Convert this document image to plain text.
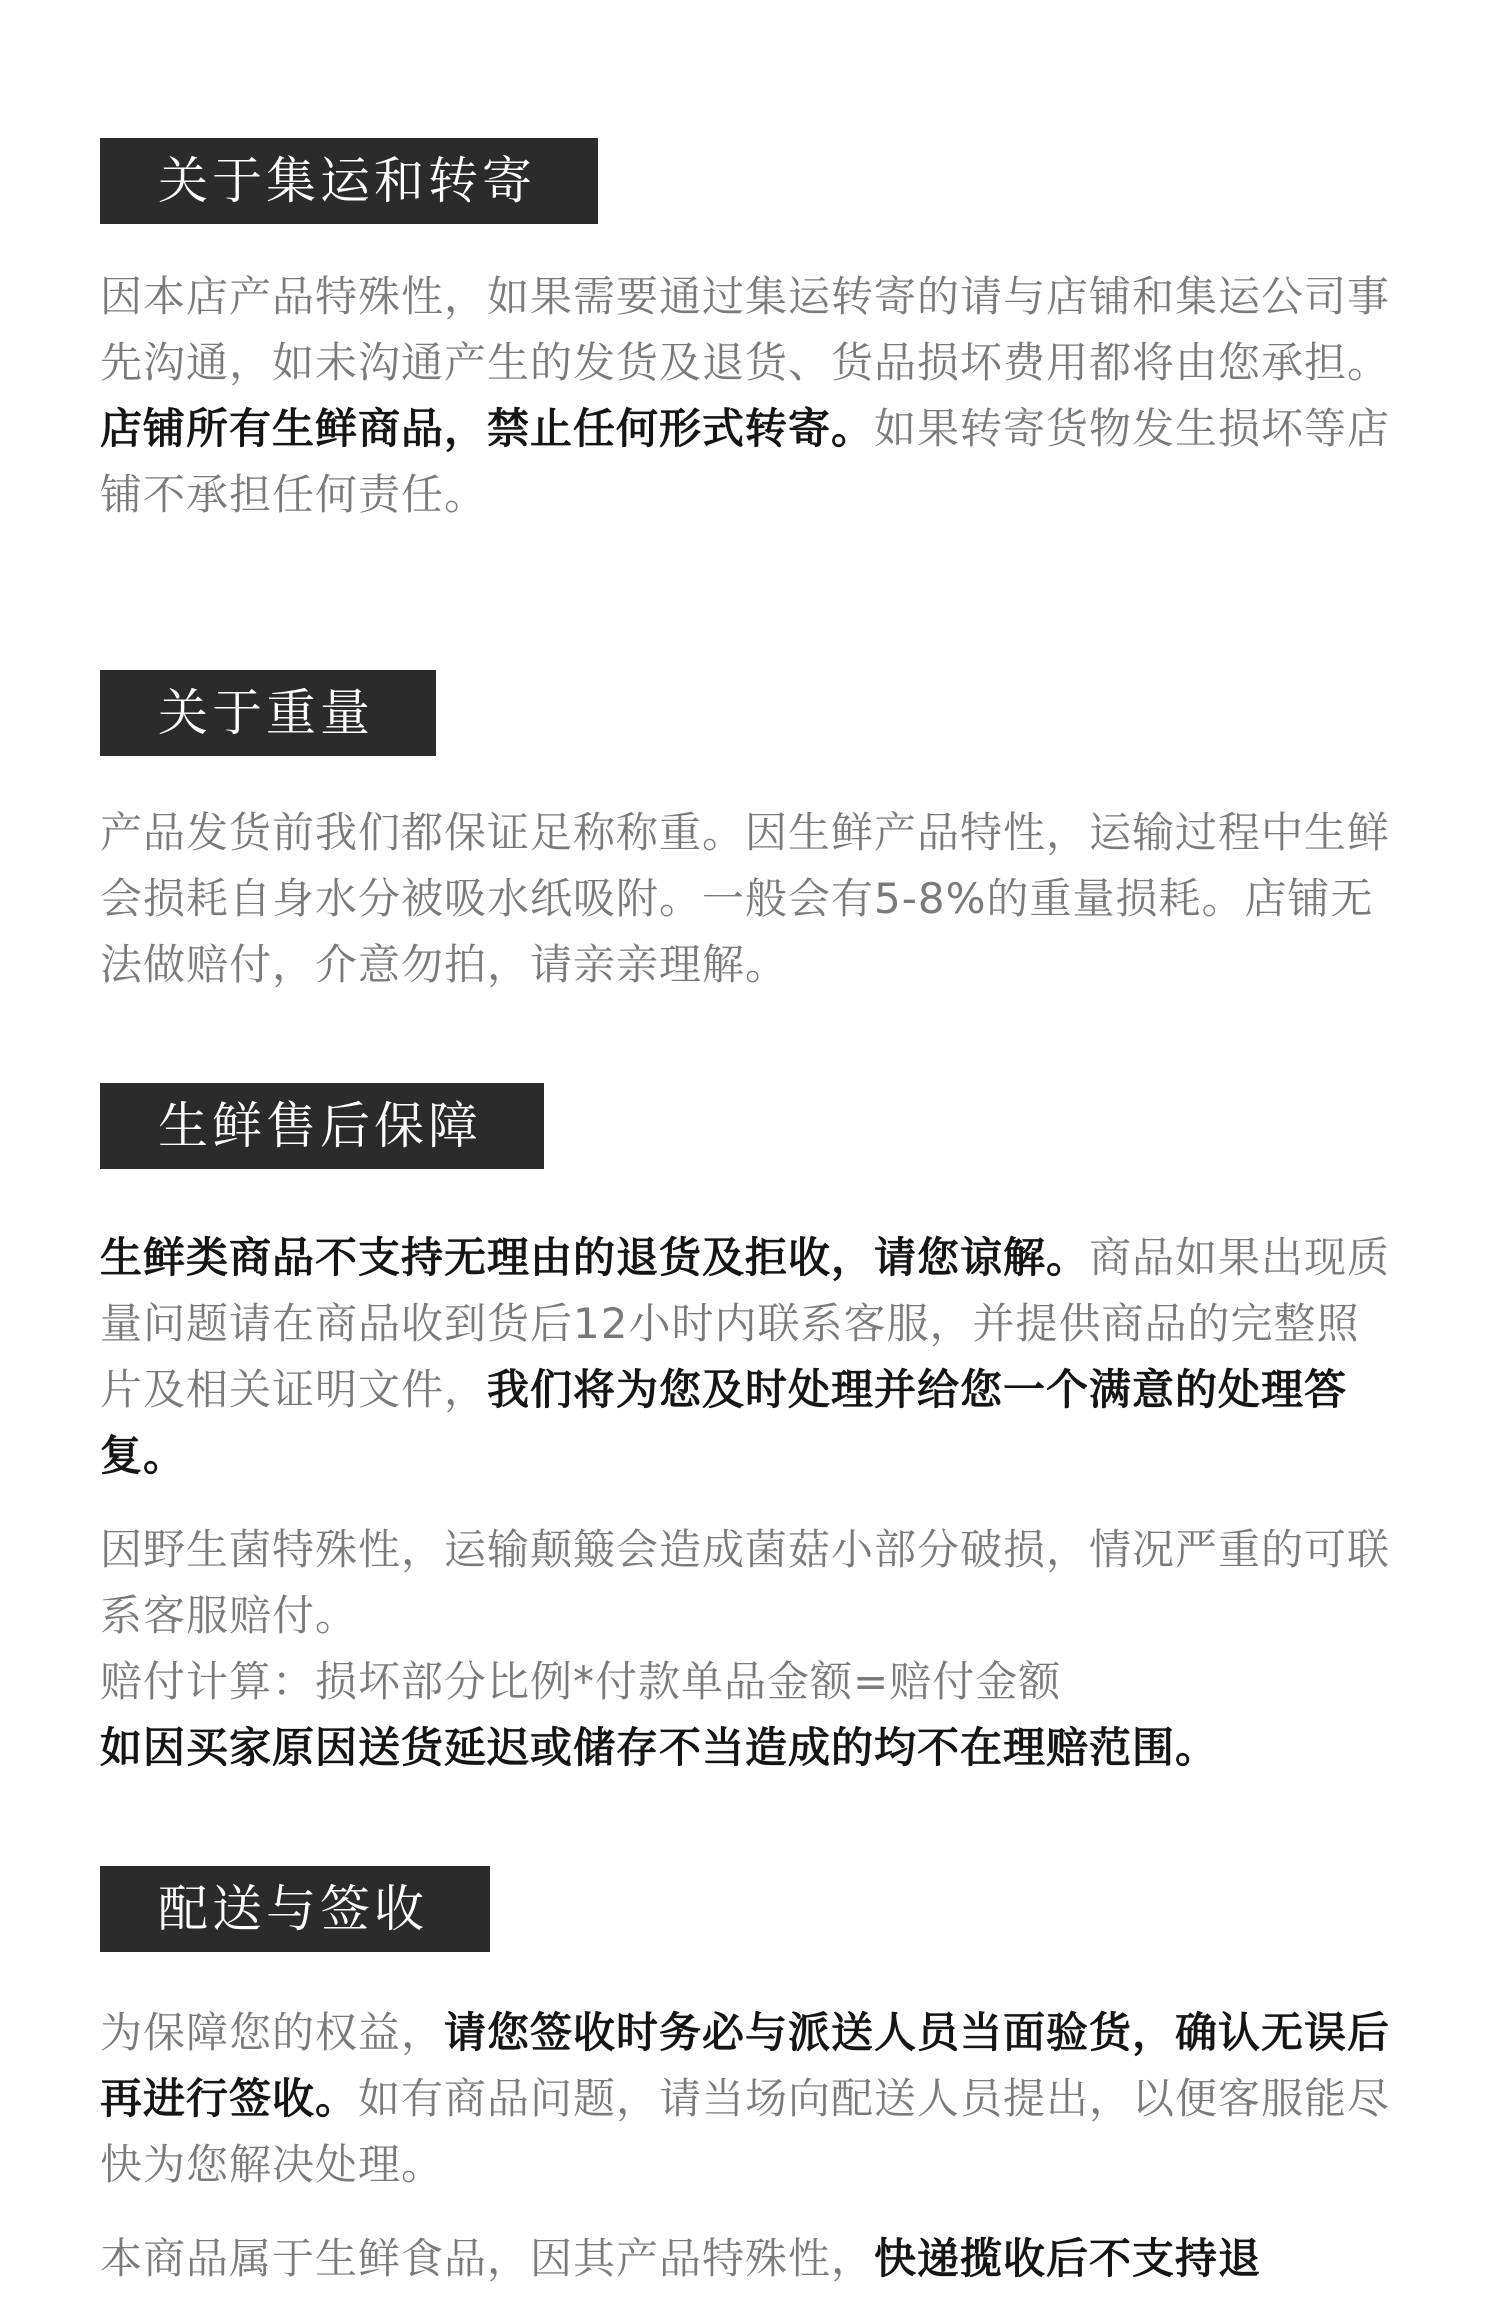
关于集运和转寄

因本店产品特殊性，如果需要通过集运转寄的请与店铺和集运公司事先沟通，如未沟通产生的发货及退货、货品损坏费用都将由您承担。

店铺所有生鲜商品，禁止任何形式转寄。如果转寄货物发生损坏等店铺不承担任何责任。

关于重量

产品发货前我们都保证足称称重。因生鲜产品特性，运输过程中生鲜会损耗自身水分被吸水纸吸附。一般会有5-8%的重量损耗。店铺无法做赔付，介意勿拍，请亲亲理解。

生鲜售后保障

生鲜类商品不支持无理由的退货及拒收，请您谅解。商品如果出现质量问题请在商品收到货后12小时内联系客服，并提供商品的完整照片及相关证明文件，我们将为您及时处理并给您一个满意的处理答复。

因野生菌特殊性，运输颠簸会造成菌菇小部分破损，情况严重的可联系客服赔付。

赔付计算：损坏部分比例*付款单品金额=赔付金额

如因买家原因送货延迟或储存不当造成的均不在理赔范围。

配送与签收

为保障您的权益，请您签收时务必与派送人员当面验货，确认无误后再进行签收。如有商品问题，请当场向配送人员提出，以便客服能尽快为您解决处理。

本商品属于生鲜食品，因其产品特殊性，快递揽收后不支持退
